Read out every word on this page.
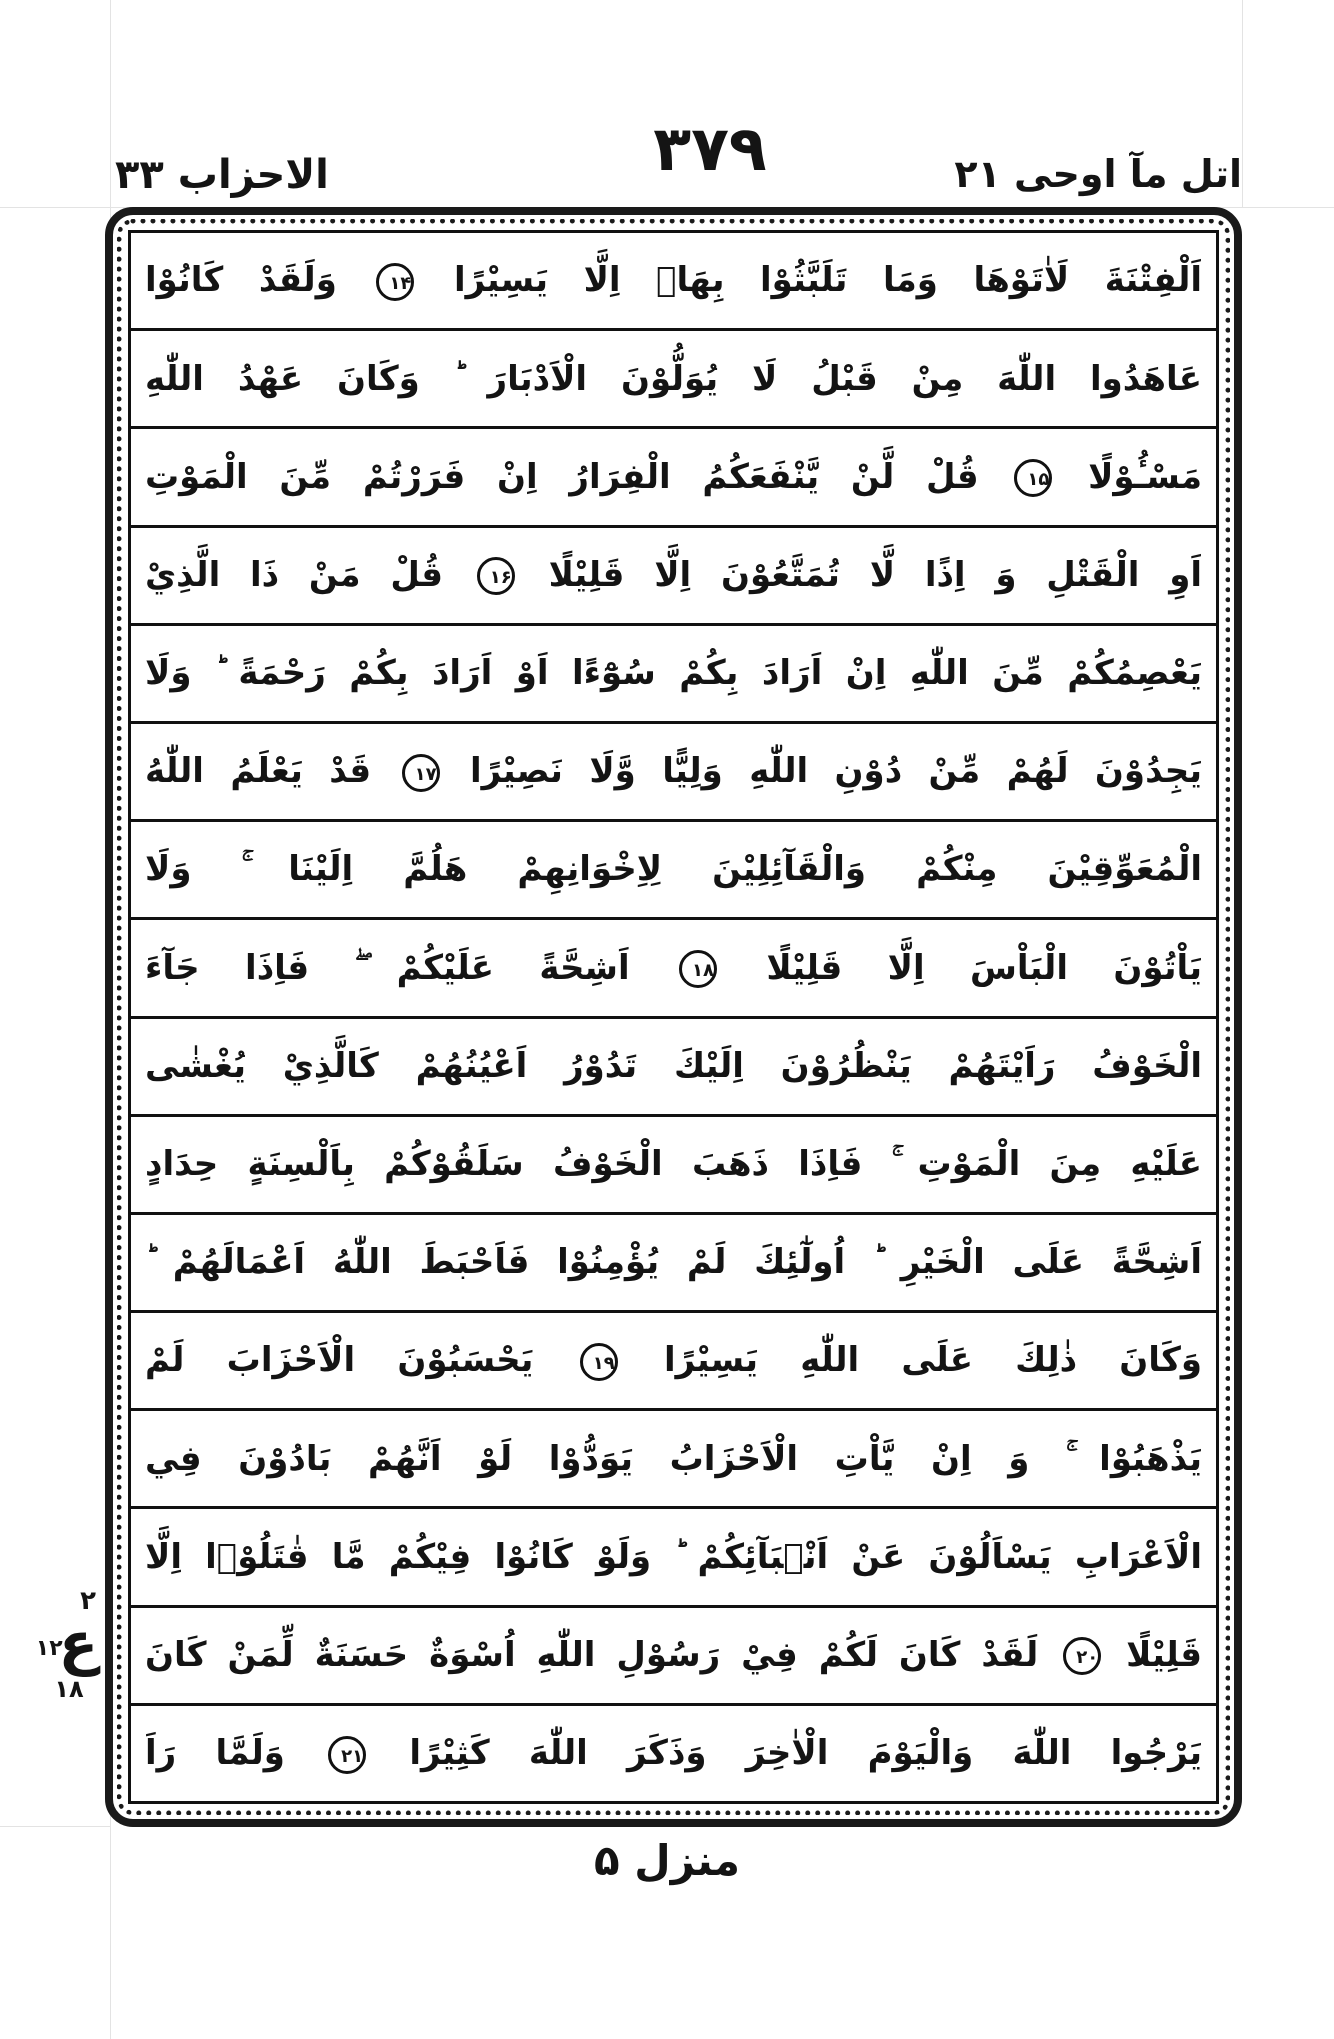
الاحزاب ۳۳	۳۷۹	اتل مآ اوحی ۲۱
اَلْفِتْنَةَ لَاٰتَوْهَا وَمَا تَلَبَّثُوْا بِهَاۤ اِلَّا يَسِيْرًا ۱۴ وَلَقَدْ كَانُوْا
عَاهَدُوا اللّٰهَ مِنْ قَبْلُ لَا يُوَلُّوْنَ الْاَدْبَارَ ؕ وَكَانَ عَهْدُ اللّٰهِ
مَسْـُٔوْلًا ۱۵ قُلْ لَّنْ يَّنْفَعَكُمُ الْفِرَارُ اِنْ فَرَرْتُمْ مِّنَ الْمَوْتِ
اَوِ الْقَتْلِ وَ اِذًا لَّا تُمَتَّعُوْنَ اِلَّا قَلِيْلًا ۱۶ قُلْ مَنْ ذَا الَّذِيْ
يَعْصِمُكُمْ مِّنَ اللّٰهِ اِنْ اَرَادَ بِكُمْ سُوْٓءًا اَوْ اَرَادَ بِكُمْ رَحْمَةً ؕ وَلَا
يَجِدُوْنَ لَهُمْ مِّنْ دُوْنِ اللّٰهِ وَلِيًّا وَّلَا نَصِيْرًا ۱۷ قَدْ يَعْلَمُ اللّٰهُ
الْمُعَوِّقِيْنَ مِنْكُمْ وَالْقَآئِلِيْنَ لِاِخْوَانِهِمْ هَلُمَّ اِلَيْنَا ۚ وَلَا
يَاْتُوْنَ الْبَاْسَ اِلَّا قَلِيْلًا ۱۸ اَشِحَّةً عَلَيْكُمْ ۖ فَاِذَا جَآءَ
الْخَوْفُ رَاَيْتَهُمْ يَنْظُرُوْنَ اِلَيْكَ تَدُوْرُ اَعْيُنُهُمْ كَالَّذِيْ يُغْشٰى
عَلَيْهِ مِنَ الْمَوْتِ ۚ فَاِذَا ذَهَبَ الْخَوْفُ سَلَقُوْكُمْ بِاَلْسِنَةٍ حِدَادٍ
اَشِحَّةً عَلَى الْخَيْرِ ؕ اُولٰٓئِكَ لَمْ يُؤْمِنُوْا فَاَحْبَطَ اللّٰهُ اَعْمَالَهُمْ ؕ
وَكَانَ ذٰلِكَ عَلَى اللّٰهِ يَسِيْرًا ۱۹ يَحْسَبُوْنَ الْاَحْزَابَ لَمْ
يَذْهَبُوْا ۚ وَ اِنْ يَّاْتِ الْاَحْزَابُ يَوَدُّوْا لَوْ اَنَّهُمْ بَادُوْنَ فِي
الْاَعْرَابِ يَسْاَلُوْنَ عَنْ اَنْۢبَآئِكُمْ ؕ وَلَوْ كَانُوْا فِيْكُمْ مَّا قٰتَلُوْۤا اِلَّا
قَلِيْلًا ۲۰ لَقَدْ كَانَ لَكُمْ فِيْ رَسُوْلِ اللّٰهِ اُسْوَةٌ حَسَنَةٌ لِّمَنْ كَانَ
يَرْجُوا اللّٰهَ وَالْيَوْمَ الْاٰخِرَ وَذَكَرَ اللّٰهَ كَثِيْرًا ۲۱ وَلَمَّا رَاَ
۲
ع
۱۲
۱۸
منزل ۵
